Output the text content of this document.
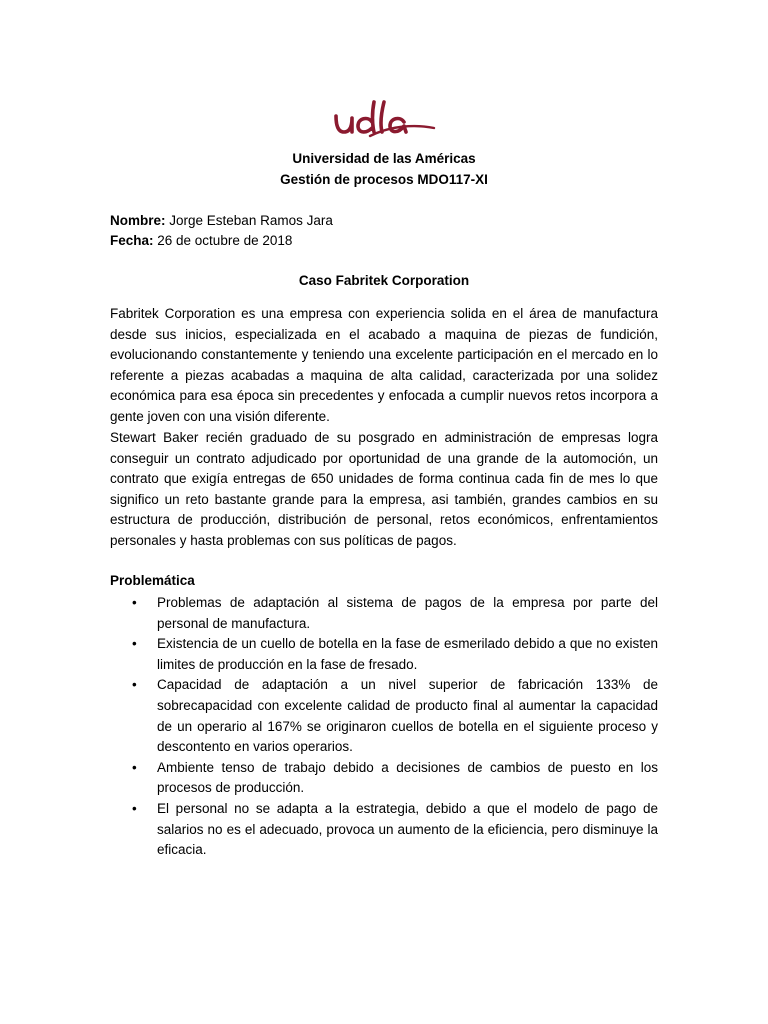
Universidad de las Américas
Gestión de procesos MDO117-XI
Nombre: Jorge Esteban Ramos Jara
Fecha: 26 de octubre de 2018
Caso Fabritek Corporation
Fabritek Corporation es una empresa con experiencia solida en el área de manufactura desde sus inicios, especializada en el acabado a maquina de piezas de fundición, evolucionando constantemente y teniendo una excelente participación en el mercado en lo referente a piezas acabadas a maquina de alta calidad, caracterizada por una solidez económica para esa época sin precedentes y enfocada a cumplir nuevos retos incorpora a gente joven con una visión diferente.
Stewart Baker recién graduado de su posgrado en administración de empresas logra conseguir un contrato adjudicado por oportunidad de una grande de la automoción, un contrato que exigía entregas de 650 unidades de forma continua cada fin de mes lo que significo un reto bastante grande para la empresa, asi también, grandes cambios en su estructura de producción, distribución de personal, retos económicos, enfrentamientos personales y hasta problemas con sus políticas de pagos.
Problemática
• Problemas de adaptación al sistema de pagos de la empresa por parte del personal de manufactura.
• Existencia de un cuello de botella en la fase de esmerilado debido a que no existen limites de producción en la fase de fresado.
• Capacidad de adaptación a un nivel superior de fabricación 133% de sobrecapacidad con excelente calidad de producto final al aumentar la capacidad de un operario al 167% se originaron cuellos de botella en el siguiente proceso y descontento en varios operarios.
• Ambiente tenso de trabajo debido a decisiones de cambios de puesto en los procesos de producción.
• El personal no se adapta a la estrategia, debido a que el modelo de pago de salarios no es el adecuado, provoca un aumento de la eficiencia, pero disminuye la eficacia.
